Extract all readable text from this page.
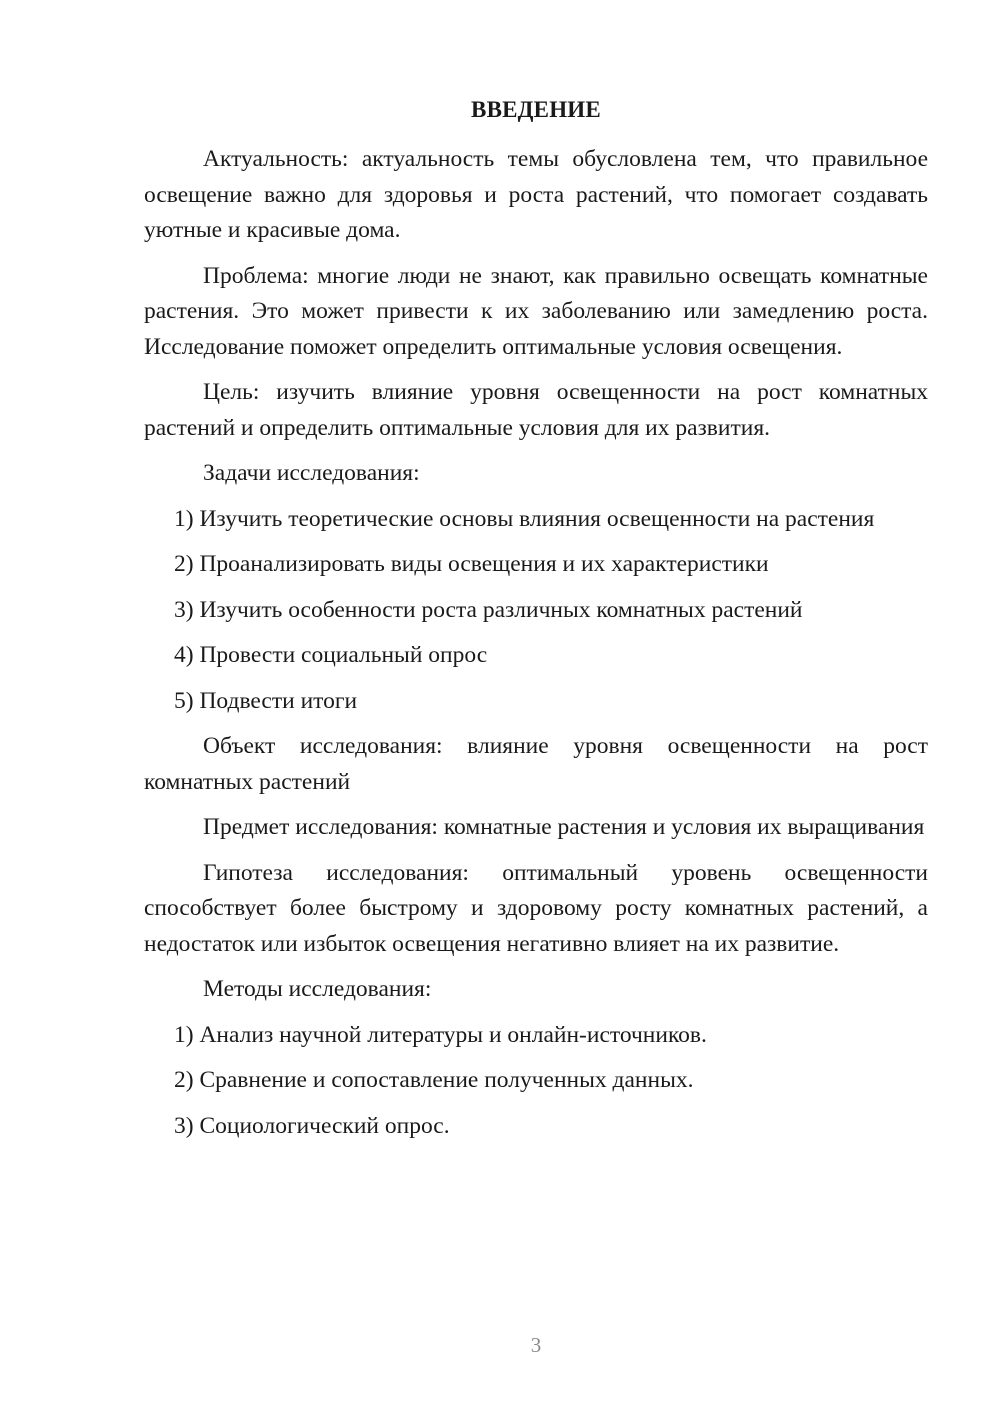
ВВЕДЕНИЕ

Актуальность: актуальность темы обусловлена тем, что правильное освещение важно для здоровья и роста растений, что помогает создавать уютные и красивые дома.

Проблема: многие люди не знают, как правильно освещать комнатные растения. Это может привести к их заболеванию или замедлению роста. Исследование поможет определить оптимальные условия освещения.

Цель: изучить влияние уровня освещенности на рост комнатных растений и определить оптимальные условия для их развития.

Задачи исследования:

1) Изучить теоретические основы влияния освещенности на растения

2) Проанализировать виды освещения и их характеристики

3) Изучить особенности роста различных комнатных растений

4) Провести социальный опрос

5) Подвести итоги

Объект исследования: влияние уровня освещенности на рост комнатных растений

Предмет исследования: комнатные растения и условия их выращивания

Гипотеза исследования: оптимальный уровень освещенности способствует более быстрому и здоровому росту комнатных растений, а недостаток или избыток освещения негативно влияет на их развитие.

Методы исследования:

1) Анализ научной литературы и онлайн-источников.

2) Сравнение и сопоставление полученных данных.

3) Социологический опрос.

3
